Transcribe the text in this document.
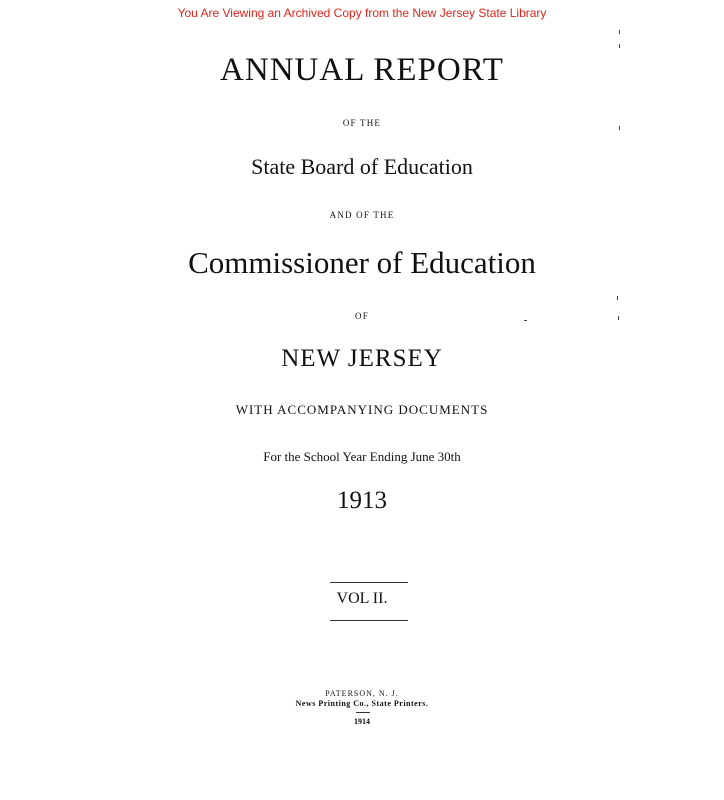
You Are Viewing an Archived Copy from the New Jersey State Library
ANNUAL REPORT
OF THE
State Board of Education
AND OF THE
Commissioner of Education
OF
NEW JERSEY
WITH ACCOMPANYING DOCUMENTS
For the School Year Ending June 30th
1913
VOL II.
PATERSON, N. J.
News Printing Co., State Printers.
1914
